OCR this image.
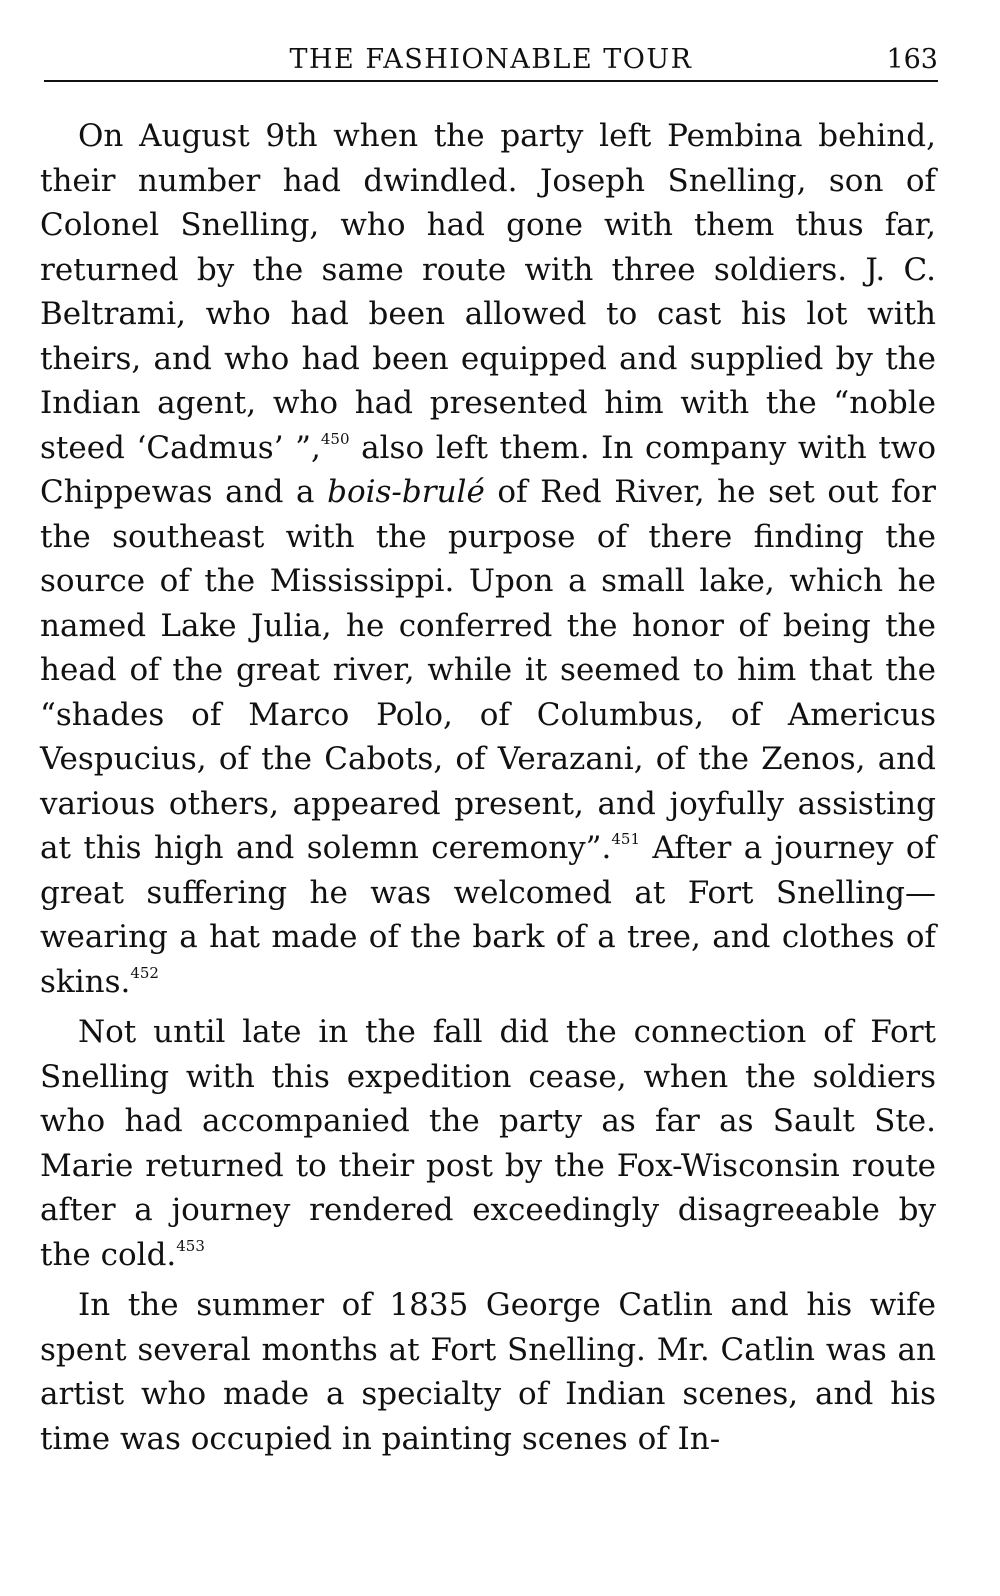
THE FASHIONABLE TOUR	163

On August 9th when the party left Pembina behind, their number had dwindled. Joseph Snelling, son of Colonel Snelling, who had gone with them thus far, returned by the same route with three soldiers. J. C. Beltrami, who had been allowed to cast his lot with theirs, and who had been equipped and supplied by the Indian agent, who had presented him with the “noble steed ‘Cadmus’ ”,$^{450}$ also left them. In company with two Chippewas and a bois-brulé of Red River, he set out for the southeast with the purpose of there finding the source of the Mississippi. Upon a small lake, which he named Lake Julia, he conferred the honor of being the head of the great river, while it seemed to him that the “shades of Marco Polo, of Columbus, of Americus Vespucius, of the Cabots, of Verazani, of the Zenos, and various others, appeared present, and joyfully assisting at this high and solemn ceremony”.$^{451}$ After a journey of great suffering he was welcomed at Fort Snelling—wearing a hat made of the bark of a tree, and clothes of skins.$^{452}$

Not until late in the fall did the connection of Fort Snelling with this expedition cease, when the soldiers who had accompanied the party as far as Sault Ste. Marie returned to their post by the Fox-Wisconsin route after a journey rendered exceedingly disagreeable by the cold.$^{453}$

In the summer of 1835 George Catlin and his wife spent several months at Fort Snelling. Mr. Catlin was an artist who made a specialty of Indian scenes, and his time was occupied in painting scenes of In-
